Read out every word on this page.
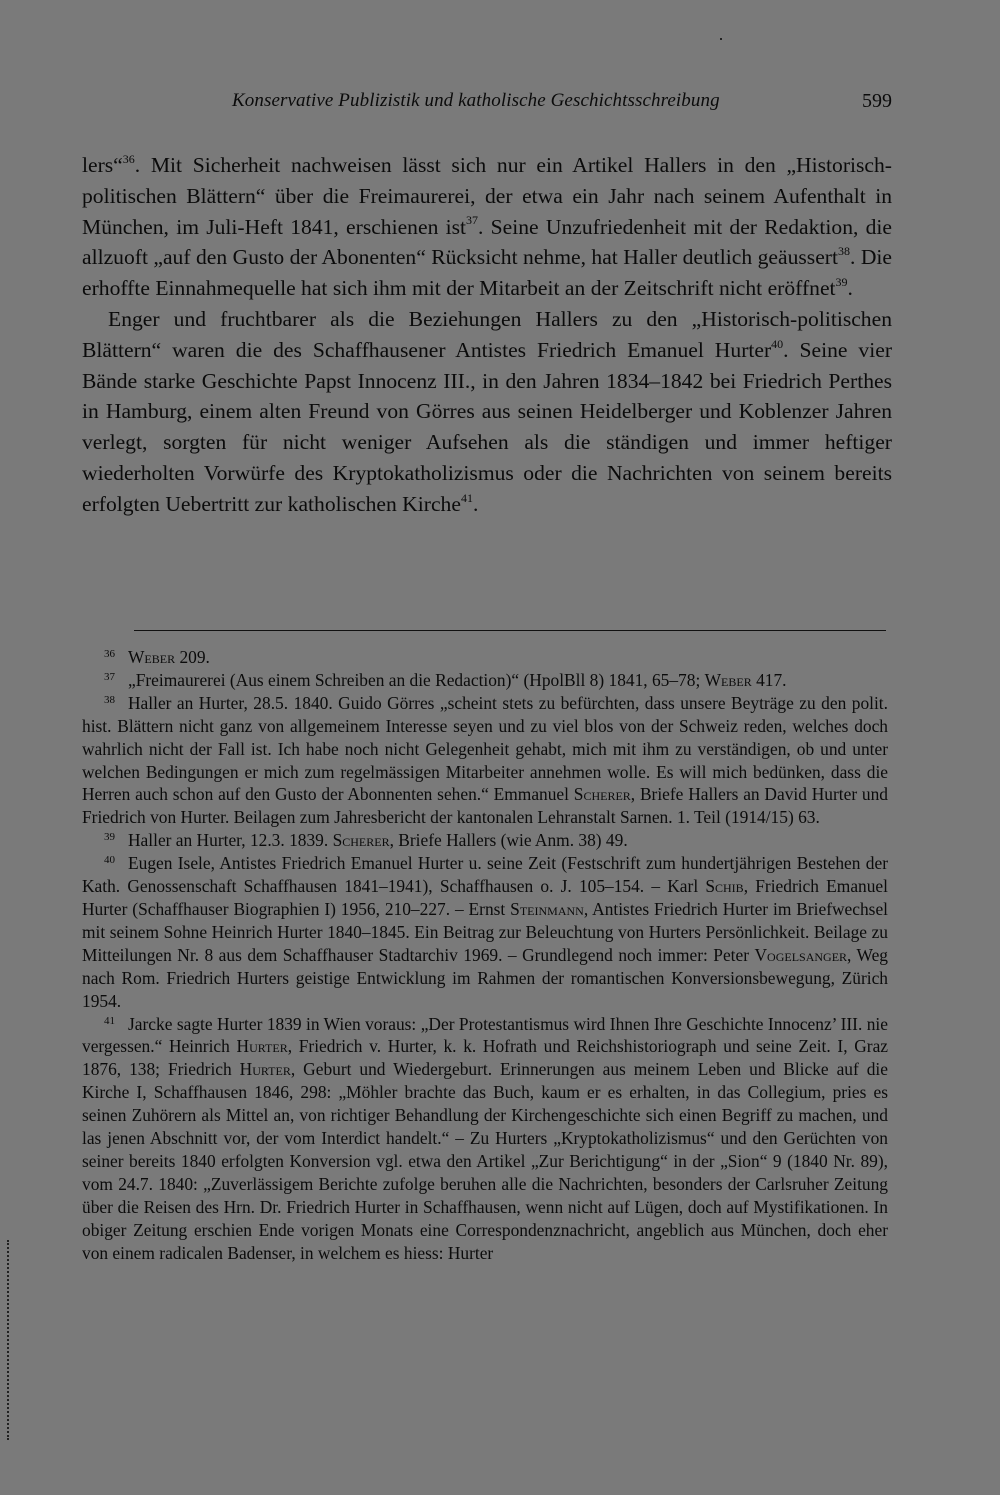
Konservative Publizistik und katholische Geschichtsschreibung	599

lers“$^{36}$. Mit Sicherheit nachweisen lässt sich nur ein Artikel Hallers in den „Historisch-politischen Blättern“ über die Freimaurerei, der etwa ein Jahr nach seinem Aufenthalt in München, im Juli-Heft 1841, erschienen ist$^{37}$. Seine Unzufriedenheit mit der Redaktion, die allzuoft „auf den Gusto der Abonenten“ Rücksicht nehme, hat Haller deutlich geäussert$^{38}$. Die erhoffte Einnahmequelle hat sich ihm mit der Mitarbeit an der Zeitschrift nicht eröffnet$^{39}$.

Enger und fruchtbarer als die Beziehungen Hallers zu den „Historisch-politischen Blättern“ waren die des Schaffhausener Antistes Friedrich Emanuel Hurter$^{40}$. Seine vier Bände starke Geschichte Papst Innocenz III., in den Jahren 1834–1842 bei Friedrich Perthes in Hamburg, einem alten Freund von Görres aus seinen Heidelberger und Koblenzer Jahren verlegt, sorgten für nicht weniger Aufsehen als die ständigen und immer heftiger wiederholten Vorwürfe des Kryptokatholizismus oder die Nachrichten von seinem bereits erfolgten Uebertritt zur katholischen Kirche$^{41}$.

36 Weber 209.

37 „Freimaurerei (Aus einem Schreiben an die Redaction)“ (HpolBll 8) 1841, 65–78; Weber 417.

38 Haller an Hurter, 28.5. 1840. Guido Görres „scheint stets zu befürchten, dass unsere Beyträge zu den polit. hist. Blättern nicht ganz von allgemeinem Interesse seyen und zu viel blos von der Schweiz reden, welches doch wahrlich nicht der Fall ist. Ich habe noch nicht Gelegenheit gehabt, mich mit ihm zu verständigen, ob und unter welchen Bedingungen er mich zum regelmässigen Mitarbeiter annehmen wolle. Es will mich bedünken, dass die Herren auch schon auf den Gusto der Abonnenten sehen.“ Emmanuel Scherer, Briefe Hallers an David Hurter und Friedrich von Hurter. Beilagen zum Jahresbericht der kantonalen Lehranstalt Sarnen. 1. Teil (1914/15) 63.

39 Haller an Hurter, 12.3. 1839. Scherer, Briefe Hallers (wie Anm. 38) 49.

40 Eugen Isele, Antistes Friedrich Emanuel Hurter u. seine Zeit (Festschrift zum hundertjährigen Bestehen der Kath. Genossenschaft Schaffhausen 1841–1941), Schaffhausen o. J. 105–154. – Karl Schib, Friedrich Emanuel Hurter (Schaffhauser Biographien I) 1956, 210–227. – Ernst Steinmann, Antistes Friedrich Hurter im Briefwechsel mit seinem Sohne Heinrich Hurter 1840–1845. Ein Beitrag zur Beleuchtung von Hurters Persönlichkeit. Beilage zu Mitteilungen Nr. 8 aus dem Schaffhauser Stadtarchiv 1969. – Grundlegend noch immer: Peter Vogelsanger, Weg nach Rom. Friedrich Hurters geistige Entwicklung im Rahmen der romantischen Konversionsbewegung, Zürich 1954.

41 Jarcke sagte Hurter 1839 in Wien voraus: „Der Protestantismus wird Ihnen Ihre Geschichte Innocenz’ III. nie vergessen.“ Heinrich Hurter, Friedrich v. Hurter, k. k. Hofrath und Reichshistoriograph und seine Zeit. I, Graz 1876, 138; Friedrich Hurter, Geburt und Wiedergeburt. Erinnerungen aus meinem Leben und Blicke auf die Kirche I, Schaffhausen 1846, 298: „Möhler brachte das Buch, kaum er es erhalten, in das Collegium, pries es seinen Zuhörern als Mittel an, von richtiger Behandlung der Kirchengeschichte sich einen Begriff zu machen, und las jenen Abschnitt vor, der vom Interdict handelt.“ – Zu Hurters „Kryptokatholizismus“ und den Gerüchten von seiner bereits 1840 erfolgten Konversion vgl. etwa den Artikel „Zur Berichtigung“ in der „Sion“ 9 (1840 Nr. 89), vom 24.7. 1840: „Zuverlässigem Berichte zufolge beruhen alle die Nachrichten, besonders der Carlsruher Zeitung über die Reisen des Hrn. Dr. Friedrich Hurter in Schaffhausen, wenn nicht auf Lügen, doch auf Mystifikationen. In obiger Zeitung erschien Ende vorigen Monats eine Correspondenznachricht, angeblich aus München, doch eher von einem radicalen Badenser, in welchem es hiess: Hurter
